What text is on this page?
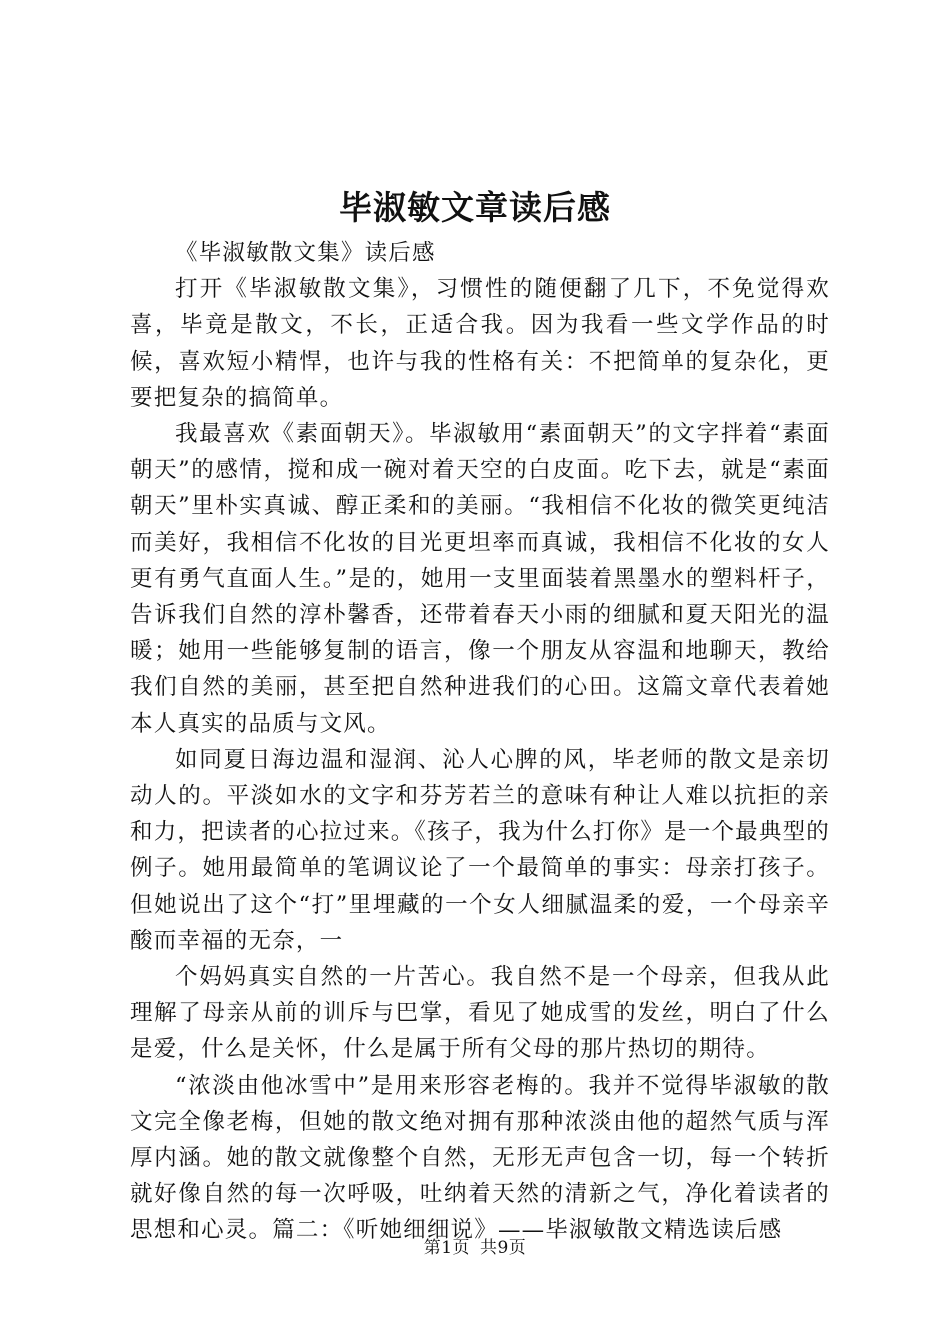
毕淑敏文章读后感

《毕淑敏散文集》读后感

打开《毕淑敏散文集》，习惯性的随便翻了几下，不免觉得欢喜，毕竟是散文，不长，正适合我。因为我看一些文学作品的时候，喜欢短小精悍，也许与我的性格有关：不把简单的复杂化，更要把复杂的搞简单。

我最喜欢《素面朝天》。毕淑敏用“素面朝天”的文字拌着“素面朝天”的感情，搅和成一碗对着天空的白皮面。吃下去，就是“素面朝天”里朴实真诚、醇正柔和的美丽。“我相信不化妆的微笑更纯洁而美好，我相信不化妆的目光更坦率而真诚，我相信不化妆的女人更有勇气直面人生。”是的，她用一支里面装着黑墨水的塑料杆子，告诉我们自然的淳朴馨香，还带着春天小雨的细腻和夏天阳光的温暖；她用一些能够复制的语言，像一个朋友从容温和地聊天，教给我们自然的美丽，甚至把自然种进我们的心田。这篇文章代表着她本人真实的品质与文风。

如同夏日海边温和湿润、沁人心脾的风，毕老师的散文是亲切动人的。平淡如水的文字和芬芳若兰的意味有种让人难以抗拒的亲和力，把读者的心拉过来。《孩子，我为什么打你》是一个最典型的例子。她用最简单的笔调议论了一个最简单的事实：母亲打孩子。但她说出了这个“打”里埋藏的一个女人细腻温柔的爱，一个母亲辛酸而幸福的无奈，一

个妈妈真实自然的一片苦心。我自然不是一个母亲，但我从此理解了母亲从前的训斥与巴掌，看见了她成雪的发丝，明白了什么是爱，什么是关怀，什么是属于所有父母的那片热切的期待。

“浓淡由他冰雪中”是用来形容老梅的。我并不觉得毕淑敏的散文完全像老梅，但她的散文绝对拥有那种浓淡由他的超然气质与浑厚内涵。她的散文就像整个自然，无形无声包含一切，每一个转折就好像自然的每一次呼吸，吐纳着天然的清新之气，净化着读者的思想和心灵。篇二：《听她细细说》——毕淑敏散文精选读后感

第1页 共9页
